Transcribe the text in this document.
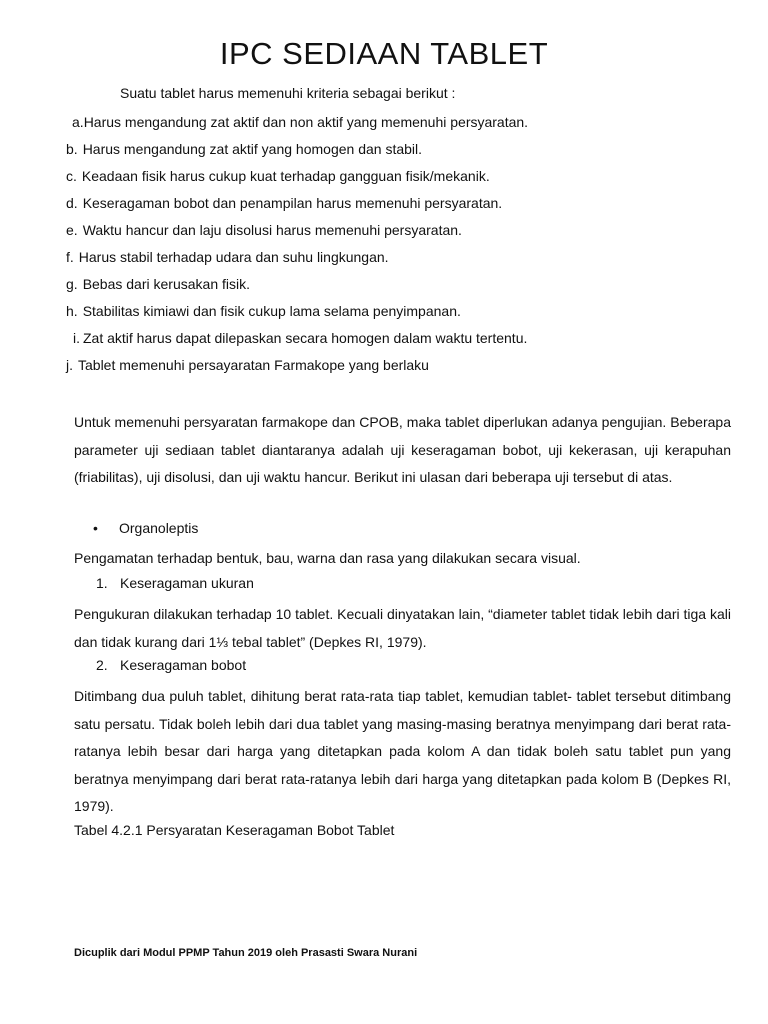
IPC SEDIAAN TABLET

Suatu tablet harus memenuhi kriteria sebagai berikut :

a.Harus mengandung zat aktif dan non aktif yang memenuhi persyaratan.
b. Harus mengandung zat aktif yang homogen dan stabil.
c. Keadaan fisik harus cukup kuat terhadap gangguan fisik/mekanik.
d. Keseragaman bobot dan penampilan harus memenuhi persyaratan.
e. Waktu hancur dan laju disolusi harus memenuhi persyaratan.
f. Harus stabil terhadap udara dan suhu lingkungan.
g. Bebas dari kerusakan fisik.
h. Stabilitas kimiawi dan fisik cukup lama selama penyimpanan.
i. Zat aktif harus dapat dilepaskan secara homogen dalam waktu tertentu.
j. Tablet memenuhi persayaratan Farmakope yang berlaku

Untuk memenuhi persyaratan farmakope dan CPOB, maka tablet diperlukan adanya pengujian. Beberapa parameter uji sediaan tablet diantaranya adalah uji keseragaman bobot, uji kekerasan, uji kerapuhan (friabilitas), uji disolusi, dan uji waktu hancur. Berikut ini ulasan dari beberapa uji tersebut di atas.

• Organoleptis

Pengamatan terhadap bentuk, bau, warna dan rasa yang dilakukan secara visual.

1. Keseragaman ukuran

Pengukuran dilakukan terhadap 10 tablet. Kecuali dinyatakan lain, “diameter tablet tidak lebih dari tiga kali dan tidak kurang dari 1⅓ tebal tablet” (Depkes RI, 1979).

2. Keseragaman bobot

Ditimbang dua puluh tablet, dihitung berat rata-rata tiap tablet, kemudian tablet- tablet tersebut ditimbang satu persatu. Tidak boleh lebih dari dua tablet yang masing-masing beratnya menyimpang dari berat rata-ratanya lebih besar dari harga yang ditetapkan pada kolom A dan tidak boleh satu tablet pun yang beratnya menyimpang dari berat rata-ratanya lebih dari harga yang ditetapkan pada kolom B (Depkes RI, 1979).

Tabel 4.2.1 Persyaratan Keseragaman Bobot Tablet

Dicuplik dari Modul PPMP Tahun 2019 oleh Prasasti Swara Nurani
